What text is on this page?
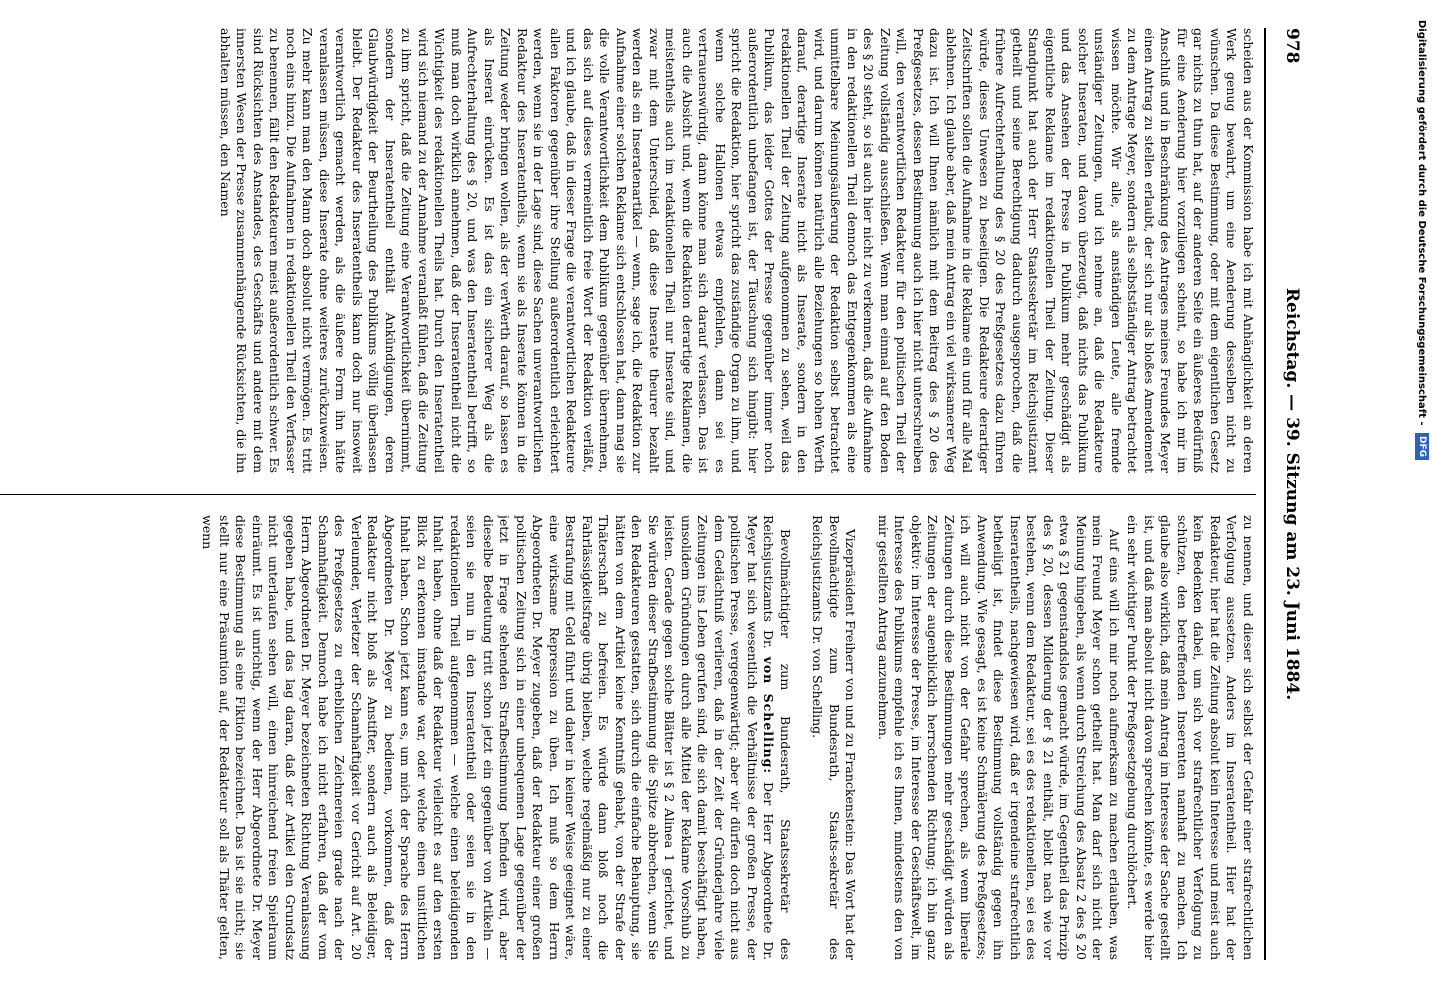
978
Reichstag. — 39. Sitzung am 23. Juni 1884.

scheiden aus der Kommission habe ich mit Anhänglichkeit an deren Werk genug bewahrt, um eine Aenderung desselben nicht zu wünschen. Da diese Bestimmung, oder mit dem eigentlichen Gesetz gar nichts zu thun hat, auf der anderen Seite ein äußeres Bedürfniß für eine Aenderung hier vorzuliegen scheint, so habe ich mir im Anschluß und in Beschränkung des Antrages meines Freundes Meyer einen Antrag zu stellen erlaubt, der sich nur als bloßes Amendement zu dem Antrage Meyer, sondern als selbstständiger Antrag betrachtet wissen möchte. Wir alle, als anständigen Leute, alle fremde unständiger Zeitungen, und ich nehme an, daß die Redakteure solcher Inseraten, und davon überzeugt, daß nichts das Publikum und das Ansehen der Presse in Publikum mehr geschädigt als eigentliche Reklame im redaktionellen Theil der Zeitung. Dieser Standpunkt hat auch der Herr Staatssekretär im Reichsjustizamt getheilt und seine Berechtigung dadurch ausgesprochen, daß die frühere Aufrechterhaltung des § 20 des Preßgesetzes dazu führen würde, dieses Unwesen zu beseitigen. Die Redakteure derartiger Zeitschriften sollen die Aufnahme in die Reklame ein und für alle Mal ablehnen. Ich glaube aber, daß mein Antrag ein viel wirksamerer Weg dazu ist. Ich will Ihnen nämlich mit dem Beitrag des § 20 des Preßgesetzes, dessen Bestimmung auch ich hier nicht unterschreiben will, den verantwortlichen Redakteur für den politischen Theil der Zeitung vollständig ausschließen. Wenn man einmal auf den Boden des § 20 steht, so ist auch hier nicht zu verkennen, daß die Aufnahme in den redaktionellen Theil dennoch das Entgegenkommen als eine unmittelbare Meinungsäußerung der Redaktion selbst betrachtet wird, und darum können natürlich alle Beziehungen so hohen Werth darauf, derartige Inserate nicht als Inserate, sondern in den redaktionellen Theil der Zeitung aufgenommen zu sehen, weil das Publikum, das leider Gottes der Presse gegenüber immer noch außerordentlich unbefangen ist, der Täuschung sich hingibt: hier spricht die Redaktion, hier spricht das zuständige Organ zu ihm, und wenn solche Hallonen etwas empfehlen, dann sei es vertrauenswürdig, dann könne man sich darauf verlassen. Das ist auch die Absicht und, wenn die Redaktion derartige Reklamen, die meistentheils auch im redaktionellen Theil nur Inserate sind, und zwar mit dem Unterschied, daß diese Inserate theurer bezahlt werden als ein Inseratenartikel — wenn, sage ich, die Redaktion zur Aufnahme einer solchen Reklame sich entschlossen hat, dann mag sie die volle Verantwortlichkeit dem Publikum gegenüber übernehmen, das sich auf dieses vermeintlich freie Wort der Redaktion verläßt, und ich glaube, daß in dieser Frage die verantwortlichen Redakteure allen Faktoren gegenüber ihre Stellung außerordentlich erleichtert werden, wenn sie in der Lage sind, diese Sachen unverantwortlichen Redakteur des Inseratentheils, wenn sie als Inserate können in die Zeitung weder bringen wollen, als der verWerth darauf, so lassen es als Inserat einrücken. Es ist das ein sicherer Weg als die Aufrechterhaltung des § 20, und was den Inseratentheil betrifft, so muß man doch wirklich annehmen, daß der Inseratentheil nicht die Wichtigkeit des redaktionellen Theils hat. Durch den Inseratentheil wird sich niemand zu der Annahme veranlaßt fühlen, daß die Zeitung zu ihm spricht, daß die Zeitung eine Verantwortlichkeit übernimmt, sondern der Inseratentheil enthält Ankündigungen, deren Glaubwürdigkeit der Beurtheilung des Publikums völlig überlassen bleibt. Der Redakteur des Inseratentheils kann doch nur insoweit verantwortlich gemacht werden, als die äußere Form ihn hätte veranlassen müssen, diese Inserate ohne weiteres zurückzuweisen. Zu mehr kann man den Mann doch absolut nicht vermögen. Es tritt noch eins hinzu. Die Aufnahmen in redaktionellen Theil den Verfasser zu benennen, fällt den Redakteuren meist außerordentlich schwer. Es sind Rücksichten des Anstandes, des Geschäfts und andere mit dem innersten Wesen der Presse zusammenhängende Rücksichten, die ihn abhalten müssen, den Namen

zu nennen, und dieser sich selbst der Gefahr einer strafrechtlichen Verfolgung aussetzen. Anders im Inseratentheil. Hier hat der Redakteur, hier hat die Zeitung absolut kein Interesse und meist auch kein Bedenken dabei, um sich vor strafrechtlicher Verfolgung zu schützen, den betreffenden Inserenten namhaft zu machen. Ich glaube also wirklich, daß mein Antrag im Interesse der Sache gestellt ist, und daß man absolut nicht davon sprechen könnte, es werde hier ein sehr wichtiger Punkt der Preßgesetzgebung durchlöchert.

Auf eins will ich mir noch aufmerksam zu machen erlauben, was mein Freund Meyer schon getheilt hat. Man darf sich nicht der Meinung hingeben, als wenn durch Streichung des Absatz 2 des § 20 etwa § 21 gegenstandslos gemacht würde, im Gegentheil das Prinzip des § 20, dessen Milderung der § 21 enthält, bleibt nach wie vor bestehen, wenn dem Redakteur, sei es des redaktionellen, sei es des Inseratentheils, nachgewiesen wird, daß er irgendeine strafrechtlich betheiligt ist, findet diese Bestimmung vollständig gegen ihn Anwendung. Wie gesagt, es ist keine Schmälerung des Preßgesetzes; ich will auch nicht von der Gefahr sprechen, als wenn liberale Zeitungen durch diese Bestimmungen mehr geschädigt würden als Zeitungen der augenblicklich herrschenden Richtung; ich bin ganz objektiv: im Interesse der Presse, im Interesse der Geschäftswelt, im Interesse des Publikums empfehle ich es Ihnen, mindestens den von mir gestellten Antrag anzunehmen.

Vizepräsident Freiherr von und zu Franckenstein: Das Wort hat der Bevollmächtigte zum Bundesrath, Staats-sekretär des Reichsjustizamts Dr. von Schelling.

Bevollmächtigter zum Bundesrath, Staatssekretär des Reichsjustizamts Dr. von Schelling: Der Herr Abgeordnete Dr. Meyer hat sich wesentlich die Verhältnisse der großen Presse, der politischen Presse, vergegenwärtigt; aber wir dürfen doch nicht aus dem Gedächtniß verlieren, daß in der Zeit der Gründerjahre viele Zeitungen ins Leben gerufen sind, die sich damit beschäftigt haben, unsolidem Gründungen durch alle Mittel der Reklame Vorschub zu leisten. Gerade gegen solche Blätter ist § 2 Alinea 1 gerichtet, und Sie würden dieser Strafbestimmung die Spitze abbrechen, wenn Sie den Redakteuren gestatten, sich durch die einfache Behauptung, sie hätten von dem Artikel keine Kenntniß gehabt, von der Strafe der Thäterschaft zu befreien. Es würde dann bloß noch die Fahrlässigkeitsfrage übrig bleiben, welche regelmäßig nur zu einer Bestrafung mit Geld führt und daher in keiner Weise geeignet wäre, eine wirksame Repression zu üben. Ich muß so dem Herrn Abgeordneten Dr. Meyer zugeben, daß der Redakteur einer großen politischen Zeitung sich in einer unbequemen Lage gegenüber der jetzt in Frage stehenden Strafbestimmung befinden wird, aber dieselbe Bedeutung tritt schon jetzt ein gegenüber von Artikeln — seien sie nun in den Inseratentheil oder seien sie in den redaktionellen Theil aufgenommen — welche einen beleidigenden Inhalt haben, ohne daß der Redakteur vielleicht es auf den ersten Blick zu erkennen imstande war, oder welche einen unsittlichen Inhalt haben. Schon jetzt kann es, um mich der Sprache des Herrn Abgeordneten Dr. Meyer zu bedienen, vorkommen, daß der Redakteur nicht bloß als Anstifter, sondern auch als Beleidiger, Verleumder, Verletzer der Schamhaftigkeit vor Gericht auf Art. 20 des Preßgesetzes zu erheblichen Zeichnereien grade nach der Schamhaftigkeit. Dennoch habe ich nicht erfahren, daß der vom Herrn Abgeordneten Dr. Meyer bezeichneten Richtung Veranlassung gegeben habe, und das lag daran, daß der Artikel den Grundsatz nicht unterlaufen sehen will, einen hinreichend freien Spielraum einräumt. Es ist unrichtig, wenn der Herr Abgeordnete Dr. Meyer diese Bestimmung als eine Fiktion bezeichnet. Das ist sie nicht; sie stellt nur eine Präsumtion auf, der Redakteur soll als Thäter gelten, wenn

Digitalisierung gefördert durch die Deutsche Forschungsgemeinschaft - DFG
